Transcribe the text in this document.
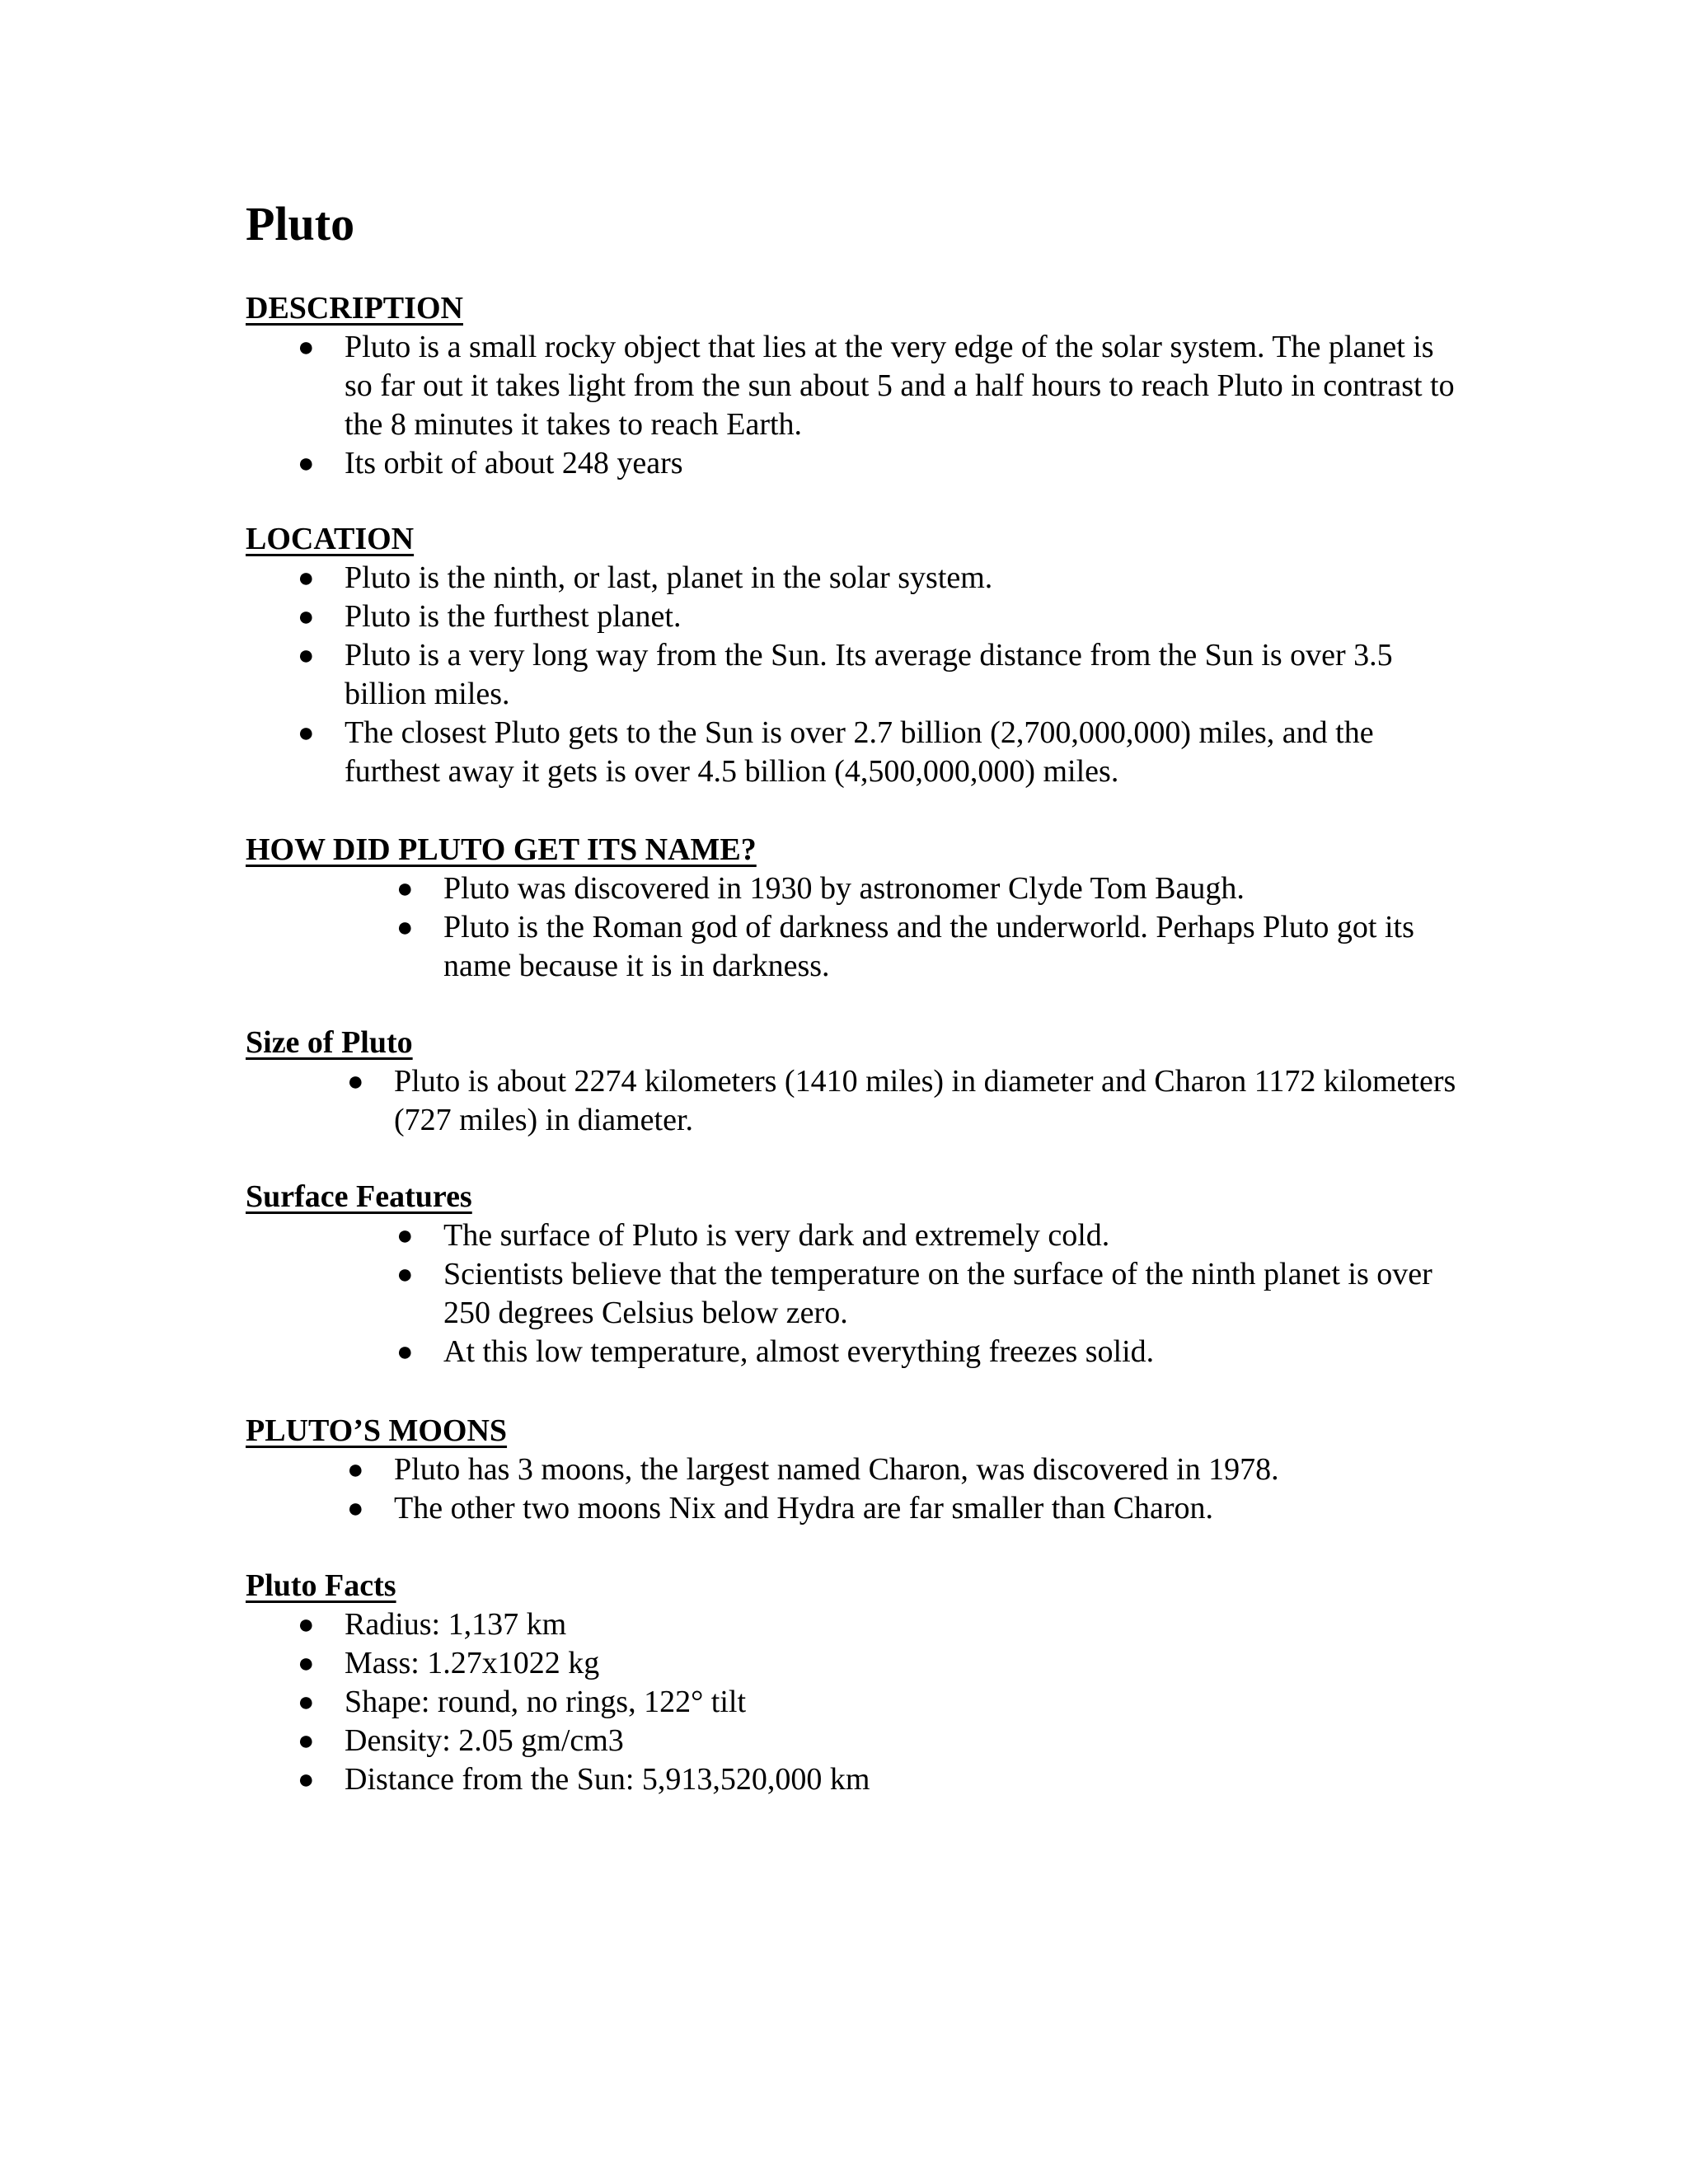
Pluto
DESCRIPTION
● Pluto is a small rocky object that lies at the very edge of the solar system. The planet is so far out it takes light from the sun about 5 and a half hours to reach Pluto in contrast to the 8 minutes it takes to reach Earth.
● Its orbit of about 248 years
LOCATION
● Pluto is the ninth, or last, planet in the solar system.
● Pluto is the furthest planet.
● Pluto is a very long way from the Sun. Its average distance from the Sun is over 3.5 billion miles.
● The closest Pluto gets to the Sun is over 2.7 billion (2,700,000,000) miles, and the furthest away it gets is over 4.5 billion (4,500,000,000) miles.
HOW DID PLUTO GET ITS NAME?
● Pluto was discovered in 1930 by astronomer Clyde Tom Baugh.
● Pluto is the Roman god of darkness and the underworld. Perhaps Pluto got its name because it is in darkness.
Size of Pluto
● Pluto is about 2274 kilometers (1410 miles) in diameter and Charon 1172 kilometers (727 miles) in diameter.
Surface Features
● The surface of Pluto is very dark and extremely cold.
● Scientists believe that the temperature on the surface of the ninth planet is over 250 degrees Celsius below zero.
● At this low temperature, almost everything freezes solid.
PLUTO’S MOONS
● Pluto has 3 moons, the largest named Charon, was discovered in 1978.
● The other two moons Nix and Hydra are far smaller than Charon.
Pluto Facts
● Radius: 1,137 km
● Mass: 1.27x1022 kg
● Shape: round, no rings, 122° tilt
● Density: 2.05 gm/cm3
● Distance from the Sun: 5,913,520,000 km
